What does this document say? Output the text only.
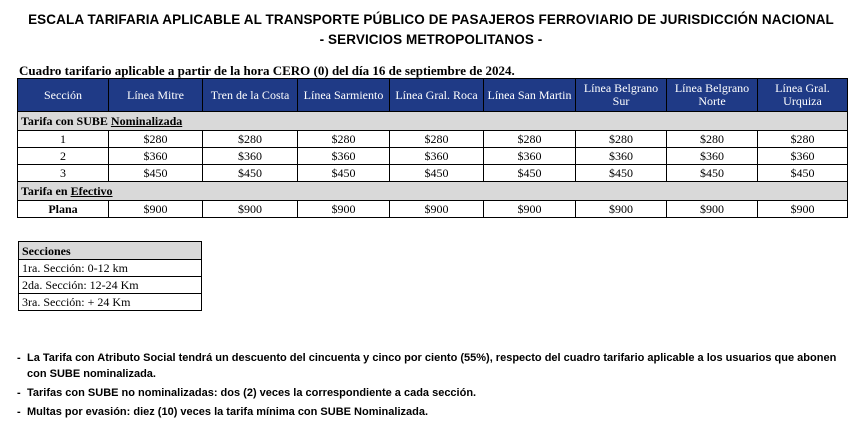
ESCALA TARIFARIA APLICABLE AL TRANSPORTE PÚBLICO DE PASAJEROS FERROVIARIO DE JURISDICCIÓN NACIONAL
- SERVICIOS METROPOLITANOS -
Cuadro tarifario aplicable a partir de la hora CERO (0) del día 16 de septiembre de 2024.
Sección	Línea Mitre	Tren de la Costa	Línea Sarmiento	Línea Gral. Roca	Línea San Martin	Línea Belgrano Sur	Línea Belgrano Norte	Línea Gral. Urquiza
Tarifa con SUBE Nominalizada								
1	$280	$280	$280	$280	$280	$280	$280	$280
2	$360	$360	$360	$360	$360	$360	$360	$360
3	$450	$450	$450	$450	$450	$450	$450	$450
Tarifa en Efectivo								
Plana	$900	$900	$900	$900	$900	$900	$900	$900
Secciones
1ra. Sección: 0-12 km
2da. Sección: 12-24 Km
3ra. Sección: + 24 Km
- La Tarifa con Atributo Social tendrá un descuento del cincuenta y cinco por ciento (55%), respecto del cuadro tarifario aplicable a los usuarios que abonen con SUBE nominalizada.
- Tarifas con SUBE no nominalizadas: dos (2) veces la correspondiente a cada sección.
- Multas por evasión: diez (10) veces la tarifa mínima con SUBE Nominalizada.
